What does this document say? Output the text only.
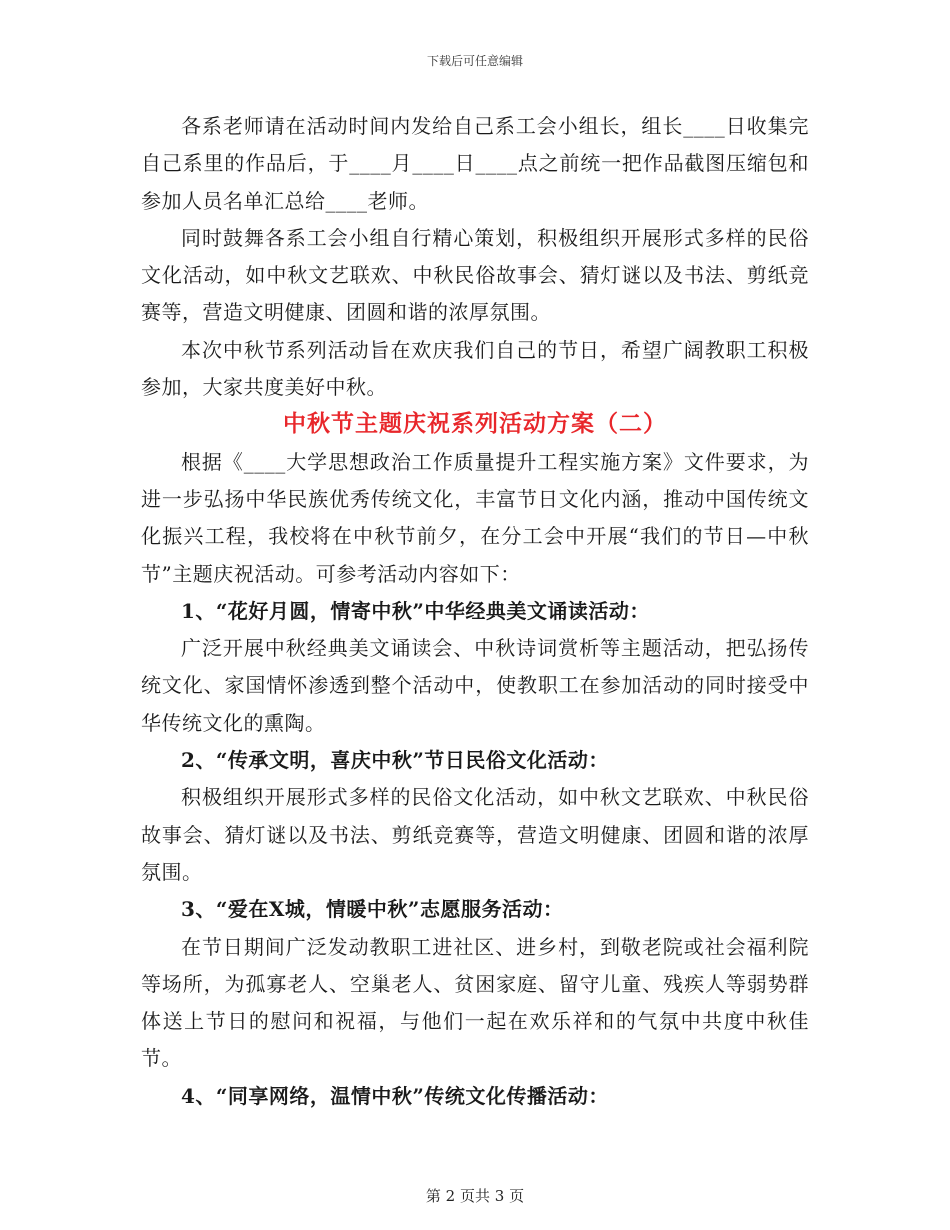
下载后可任意编辑

各系老师请在活动时间内发给自己系工会小组长，组长____日收集完自己系里的作品后，于____月____日____点之前统一把作品截图压缩包和参加人员名单汇总给____老师。

同时鼓舞各系工会小组自行精心策划，积极组织开展形式多样的民俗文化活动，如中秋文艺联欢、中秋民俗故事会、猜灯谜以及书法、剪纸竞赛等，营造文明健康、团圆和谐的浓厚氛围。

本次中秋节系列活动旨在欢庆我们自己的节日，希望广阔教职工积极参加，大家共度美好中秋。

中秋节主题庆祝系列活动方案（二）

根据《____大学思想政治工作质量提升工程实施方案》文件要求，为进一步弘扬中华民族优秀传统文化，丰富节日文化内涵，推动中国传统文化振兴工程，我校将在中秋节前夕，在分工会中开展“我们的节日—中秋节”主题庆祝活动。可参考活动内容如下：

1、“花好月圆，情寄中秋”中华经典美文诵读活动：

广泛开展中秋经典美文诵读会、中秋诗词赏析等主题活动，把弘扬传统文化、家国情怀渗透到整个活动中，使教职工在参加活动的同时接受中华传统文化的熏陶。

2、“传承文明，喜庆中秋”节日民俗文化活动：

积极组织开展形式多样的民俗文化活动，如中秋文艺联欢、中秋民俗故事会、猜灯谜以及书法、剪纸竞赛等，营造文明健康、团圆和谐的浓厚氛围。

3、“爱在X城，情暖中秋”志愿服务活动：

在节日期间广泛发动教职工进社区、进乡村，到敬老院或社会福利院等场所，为孤寡老人、空巢老人、贫困家庭、留守儿童、残疾人等弱势群体送上节日的慰问和祝福，与他们一起在欢乐祥和的气氛中共度中秋佳节。

4、“同享网络，温情中秋”传统文化传播活动：

第 2 页共 3 页
